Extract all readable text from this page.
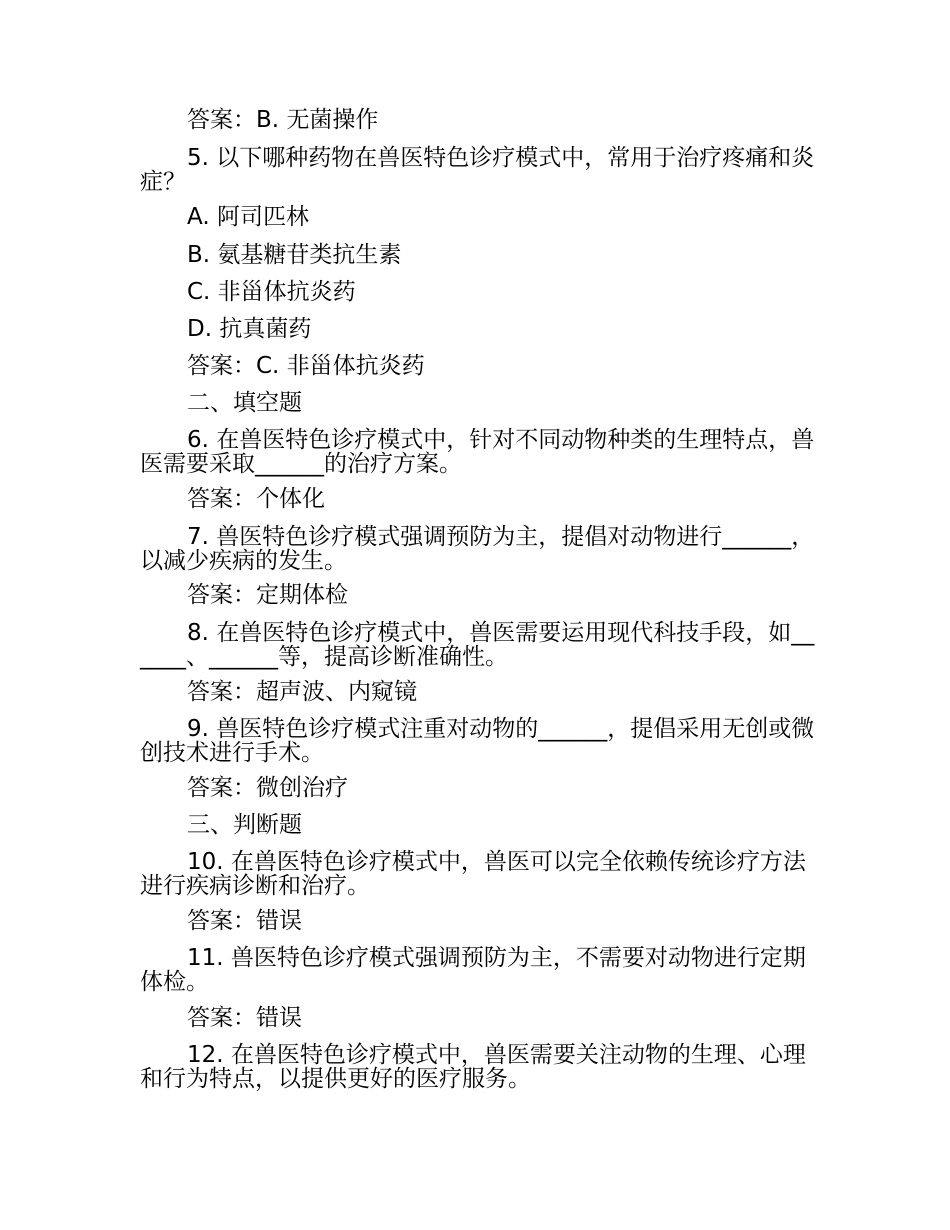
答案：B. 无菌操作

5. 以下哪种药物在兽医特色诊疗模式中，常用于治疗疼痛和炎症？

A. 阿司匹林

B. 氨基糖苷类抗生素

C. 非甾体抗炎药

D. 抗真菌药

答案：C. 非甾体抗炎药

二、填空题

6. 在兽医特色诊疗模式中，针对不同动物种类的生理特点，兽医需要采取______的治疗方案。

答案：个体化

7. 兽医特色诊疗模式强调预防为主，提倡对动物进行______，以减少疾病的发生。

答案：定期体检

8. 在兽医特色诊疗模式中，兽医需要运用现代科技手段，如______、______等，提高诊断准确性。

答案：超声波、内窥镜

9. 兽医特色诊疗模式注重对动物的______，提倡采用无创或微创技术进行手术。

答案：微创治疗

三、判断题

10. 在兽医特色诊疗模式中，兽医可以完全依赖传统诊疗方法进行疾病诊断和治疗。

答案：错误

11. 兽医特色诊疗模式强调预防为主，不需要对动物进行定期体检。

答案：错误

12. 在兽医特色诊疗模式中，兽医需要关注动物的生理、心理和行为特点，以提供更好的医疗服务。
